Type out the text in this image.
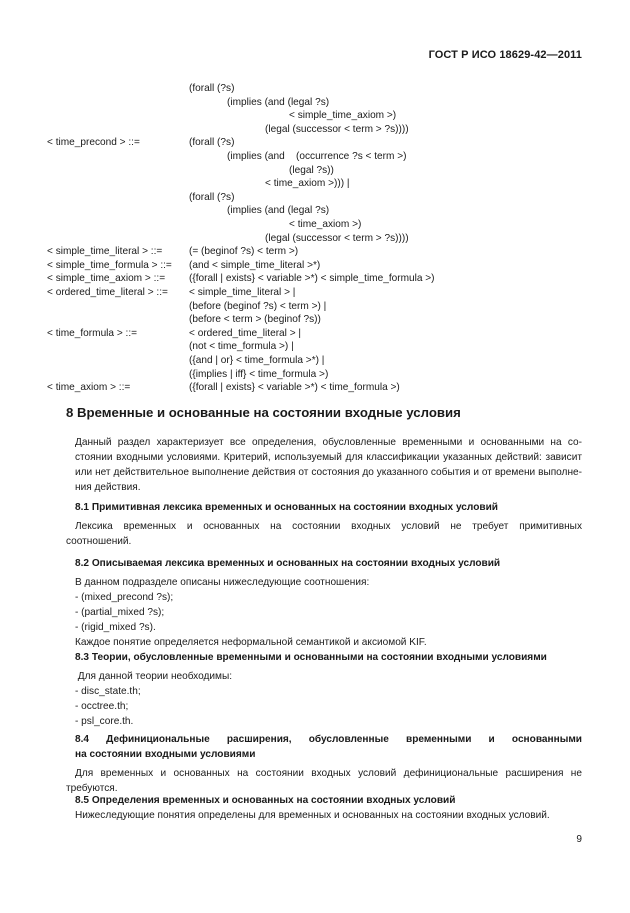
ГОСТ Р ИСО 18629-42—2011
(forall (?s)
(implies (and (legal ?s)
< simple_time_axiom >)
(legal (successor < term > ?s))))
< time_precond > ::=	(forall (?s)
(implies (and    (occurrence ?s < term >)
(legal ?s))
< time_axiom >))) |
(forall (?s)
(implies (and (legal ?s)
< time_axiom >)
(legal (successor < term > ?s))))
< simple_time_literal > ::=	(= (beginof ?s) < term >)
< simple_time_formula > ::= (and < simple_time_literal >*)
< simple_time_axiom > ::= ({forall | exists} < variable >*) < simple_time_formula >)
< ordered_time_literal > ::= < simple_time_literal > |
(before (beginof ?s) < term >) |
(before < term > (beginof ?s))
< time_formula > ::=	< ordered_time_literal > |
(not < time_formula >) |
({and | or} < time_formula >*) |
({implies | iff} < time_formula >)
< time_axiom > ::=	({forall | exists} < variable >*) < time_formula >)
8 Временные и основанные на состоянии входные условия
Данный раздел характеризует все определения, обусловленные временными и основанными на со-
стоянии входными условиями. Критерий, используемый для классификации указанных действий: зависит
или нет действительное выполнение действия от состояния до указанного события и от времени выполне-
ния действия.
8.1 Примитивная лексика временных и основанных на состоянии входных условий
Лексика временных и основанных на состоянии входных условий не требует примитивных
соотношений.
8.2 Описываемая лексика временных и основанных на состоянии входных условий
В данном подразделе описаны нижеследующие соотношения:
- (mixed_precond ?s);
- (partial_mixed ?s);
- (rigid_mixed ?s).
Каждое понятие определяется неформальной семантикой и аксиомой KIF.
8.3 Теории, обусловленные временными и основанными на состоянии входными условиями
Для данной теории необходимы:
- disc_state.th;
- occtree.th;
- psl_core.th.
8.4 Дефинициональные расширения, обусловленные временными и основанными
на состоянии входными условиями
Для временных и основанных на состоянии входных условий дефинициональные расширения не
требуются.
8.5 Определения временных и основанных на состоянии входных условий
Нижеследующие понятия определены для временных и основанных на состоянии входных условий.
9
